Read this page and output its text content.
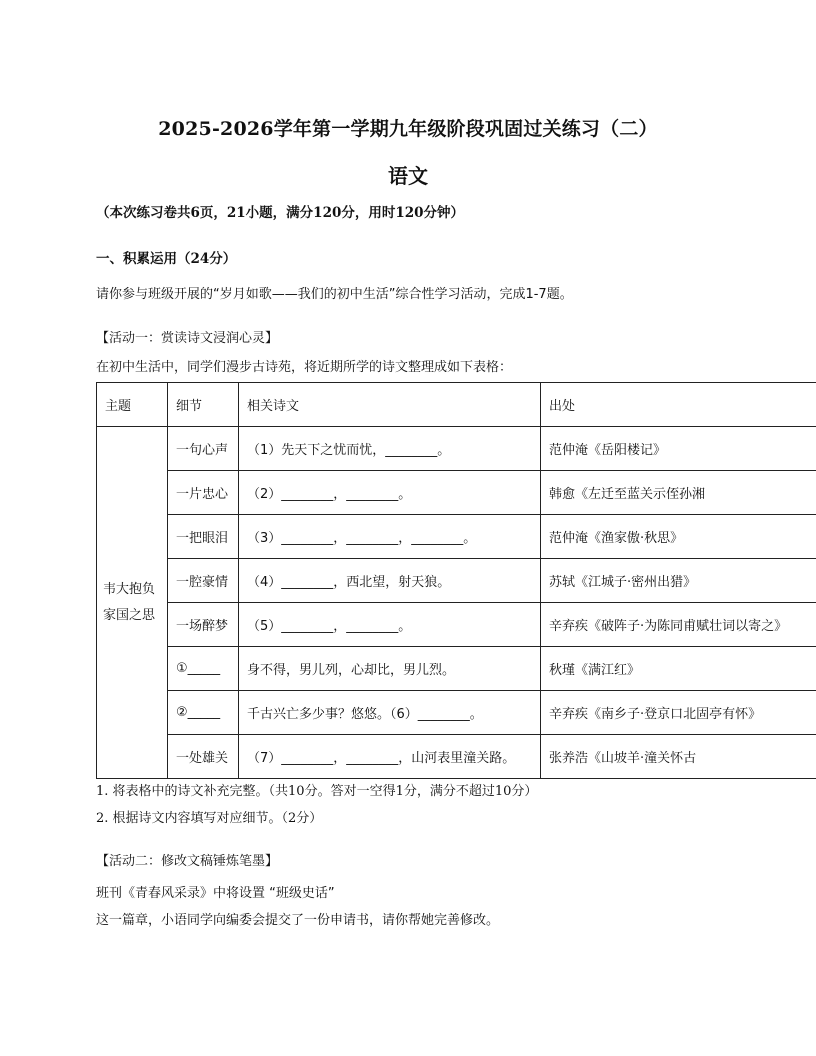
2025-2026学年第一学期九年级阶段巩固过关练习（二）
语文
（本次练习卷共6页，21小题，满分120分，用时120分钟）
一、积累运用（24分）
请你参与班级开展的“岁月如歌——我们的初中生活”综合性学习活动，完成1-7题。
【活动一：赏读诗文浸润心灵】
在初中生活中，同学们漫步古诗苑，将近期所学的诗文整理成如下表格：
主题	细节	相关诗文	出处
韦大抱负家国之思	一句心声	（1）先天下之忧而忧，________。	范仲淹《岳阳楼记》
	一片忠心	（2）________，________。	韩愈《左迁至蓝关示侄孙湘
	一把眼泪	（3）________，________，________。	范仲淹《渔家傲·秋思》
	一腔豪情	（4）________，西北望，射天狼。	苏轼《江城子·密州出猎》
	一场醉梦	（5）________，________。	辛弃疾《破阵子·为陈同甫赋壮词以寄之》
	①_____	身不得，男儿列，心却比，男儿烈。	秋瑾《满江红》
	②_____	千古兴亡多少事？悠悠。（6）________。	辛弃疾《南乡子·登京口北固亭有怀》
	一处雄关	（7）________，________，山河表里潼关路。	张养浩《山坡羊·潼关怀古
1. 将表格中的诗文补充完整。（共10分。答对一空得1分，满分不超过10分）
2. 根据诗文内容填写对应细节。（2分）
【活动二：修改文稿锤炼笔墨】
班刊《青春风采录》中将设置 “班级史话”
这一篇章，小语同学向编委会提交了一份申请书，请你帮她完善修改。
